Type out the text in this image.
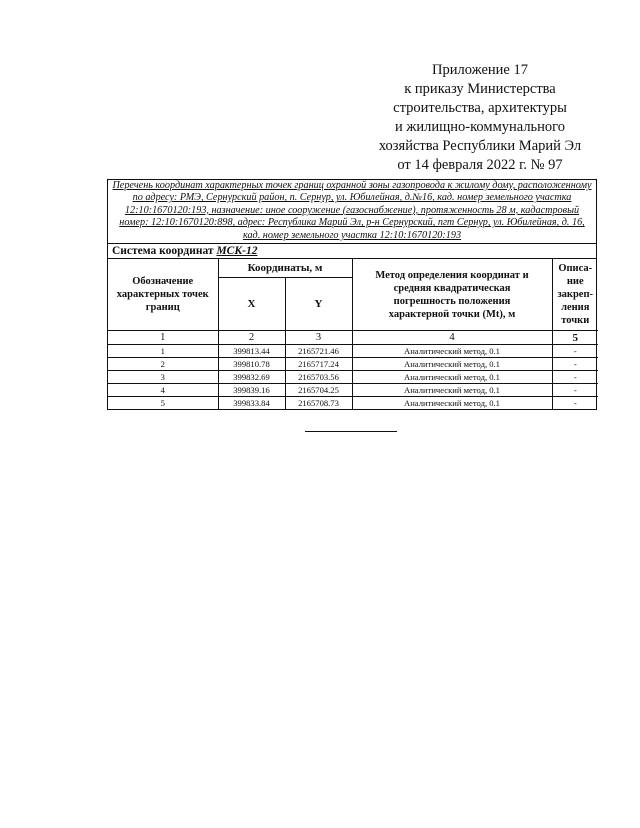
Приложение 17
к приказу Министерства
строительства, архитектуры
и жилищно-коммунального
хозяйства Республики Марий Эл
от 14 февраля 2022 г. № 97
Перечень координат характерных точек границ охранной зоны газопровода к жилому дому, расположенному по адресу: РМЭ, Сернурский район, п. Сернур, ул. Юбилейная, д.№16, кад. номер земельного участка 12:10:1670120:193, назначение: иное сооружение (газоснабжение), протяженность 28 м, кадастровый номер: 12:10:1670120:898, адрес: Республика Марий Эл, р-н Сернурский, пгт Сернур, ул. Юбилейная, д. 16, кад. номер земельного участка 12:10:1670120:193
Система координат МСК-12
Обозначение характерных точек границ	Координаты, м		Метод определения координат и средняя квадратическая погрешность положения характерной точки (Mt), м	Описа-ние закреп-ления точки
	X	Y		
1	2	3	4	5
1	399813.44	2165721.46	Аналитический метод, 0.1	-
2	399810.78	2165717.24	Аналитический метод, 0.1	-
3	399832.69	2165703.56	Аналитический метод, 0.1	-
4	399839.16	2165704.25	Аналитический метод, 0.1	-
5	399833.84	2165708.73	Аналитический метод, 0.1	-
